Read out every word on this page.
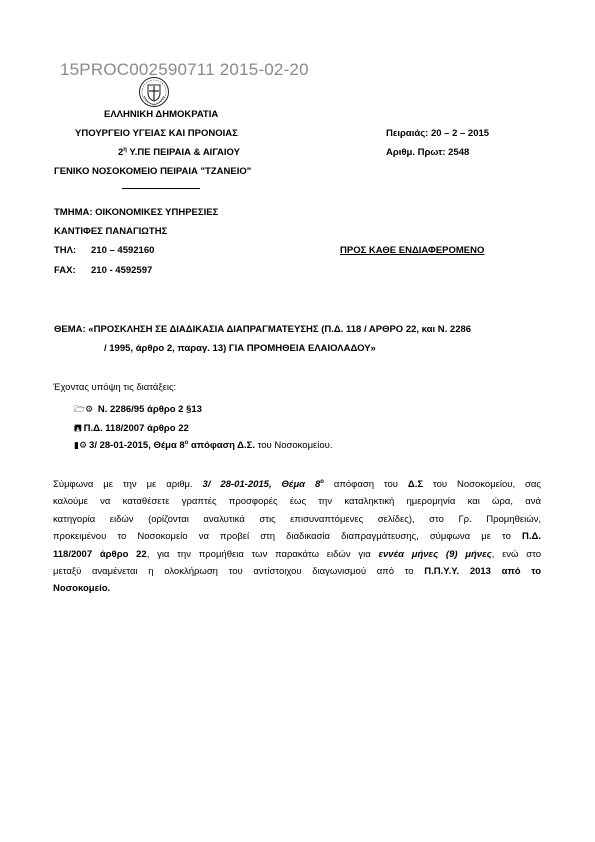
15PROC002590711 2015-02-20
ΕΛΛΗΝΙΚΗ ΔΗΜΟΚΡΑΤΙΑ
ΥΠΟΥΡΓΕΙΟ ΥΓΕΙΑΣ ΚΑΙ ΠΡΟΝΟΙΑΣ
$2^\eta$ Υ.ΠΕ ΠΕΙΡΑΙΑ & ΑΙΓΑΙΟΥ
ΓΕΝΙΚΟ ΝΟΣΟΚΟΜΕΙΟ ΠΕΙΡΑΙΑ "ΤΖΑΝΕΙΟ"
Πειραιάς: 20 – 2 – 2015
Αριθμ. Πρωτ: 2548
ΤΜΗΜΑ: ΟΙΚΟΝΟΜΙΚΕΣ ΥΠΗΡΕΣΙΕΣ
ΚΑΝΤΙΦΕΣ ΠΑΝΑΓΙΩΤΗΣ
ΤΗΛ: 210 – 4592160
FAX: 210 - 4592597
ΠΡΟΣ ΚΑΘΕ ΕΝΔΙΑΦΕΡΟΜΕΝΟ
ΘΕΜΑ: «ΠΡΟΣΚΛΗΣΗ ΣΕ ΔΙΑΔΙΚΑΣΙΑ ΔΙΑΠΡΑΓΜΑΤΕΥΣΗΣ (Π.Δ. 118 / ΑΡΘΡΟ 22, και Ν. 2286
/ 1995, άρθρο 2, παραγ. 13) ΓΙΑ ΠΡΟΜΗΘΕΙΑ ΕΛΑΙΟΛΑΔΟΥ»
Έχοντας υπόψη τις διατάξεις:
🗁⚙ Ν. 2286/95 άρθρο 2 §13
🖪 Π.Δ. 118/2007 άρθρο 22
▮⚙ 3/ 28-01-2015, Θέμα $8^o$ απόφαση Δ.Σ. του Νοσοκομείου.
Σύμφωνα με την με αριθμ. 3/ 28-01-2015, Θέμα $8^o$ απόφαση του Δ.Σ του Νοσοκομείου, σας
καλούμε να καταθέσετε γραπτές προσφορές έως την καταληκτική ημερομηνία και ώρα, ανά
κατηγορία ειδών (ορίζονται αναλυτικά στις επισυναπτόμενες σελίδες), στο Γρ. Προμηθειών,
προκειμένου το Νοσοκομείο να προβεί στη διαδικασία διαπραγμάτευσης, σύμφωνα με το Π.Δ.
118/2007 άρθρο 22, για την προμήθεια των παρακάτω ειδών για εννέα μήνες (9) μήνες, ενώ στο
μεταξύ αναμένεται η ολοκλήρωση του αντίστοιχου διαγωνισμού από το Π.Π.Υ.Υ. 2013 από το
Νοσοκομείο.
